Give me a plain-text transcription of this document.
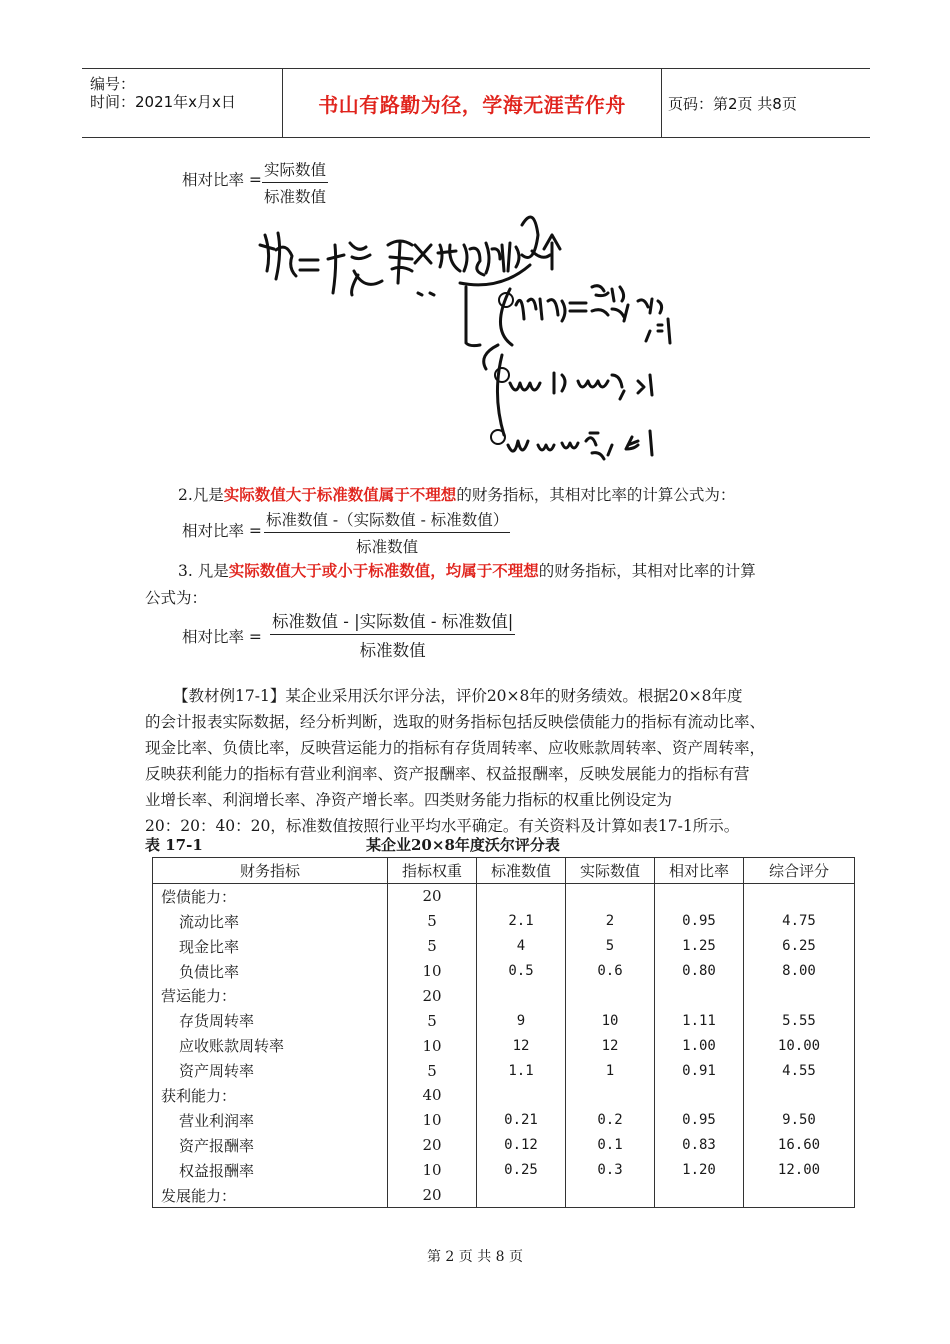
编号：
时间：2021年x月x日	书山有路勤为径，学海无涯苦作舟	页码：第2页 共8页
相对比率 =
实际数值
标准数值
2.凡是实际数值大于标准数值属于不理想的财务指标，其相对比率的计算公式为：
相对比率 =
标准数值 -（实际数值 - 标准数值）
标准数值
3. 凡是实际数值大于或小于标准数值，均属于不理想的财务指标，其相对比率的计算
公式为：
相对比率 =
标准数值 - |实际数值 - 标准数值|
标准数值
【教材例17-1】某企业采用沃尔评分法，评价20×8年的财务绩效。根据20×8年度
的会计报表实际数据，经分析判断，选取的财务指标包括反映偿债能力的指标有流动比率、
现金比率、负债比率，反映营运能力的指标有存货周转率、应收账款周转率、资产周转率，
反映获利能力的指标有营业利润率、资产报酬率、权益报酬率，反映发展能力的指标有营
业增长率、利润增长率、净资产增长率。四类财务能力指标的权重比例设定为
20：20：40：20，标准数值按照行业平均水平确定。有关资料及计算如表17-1所示。
表 17-1	某企业20×8年度沃尔评分表
财务指标	指标权重	标准数值	实际数值	相对比率	综合评分
偿债能力：	20				
流动比率	5	2.1	2	0.95	4.75
现金比率	5	4	5	1.25	6.25
负债比率	10	0.5	0.6	0.80	8.00
营运能力：	20				
存货周转率	5	9	10	1.11	5.55
应收账款周转率	10	12	12	1.00	10.00
资产周转率	5	1.1	1	0.91	4.55
获利能力：	40				
营业利润率	10	0.21	0.2	0.95	9.50
资产报酬率	20	0.12	0.1	0.83	16.60
权益报酬率	10	0.25	0.3	1.20	12.00
发展能力：	20				
第 2 页 共 8 页
